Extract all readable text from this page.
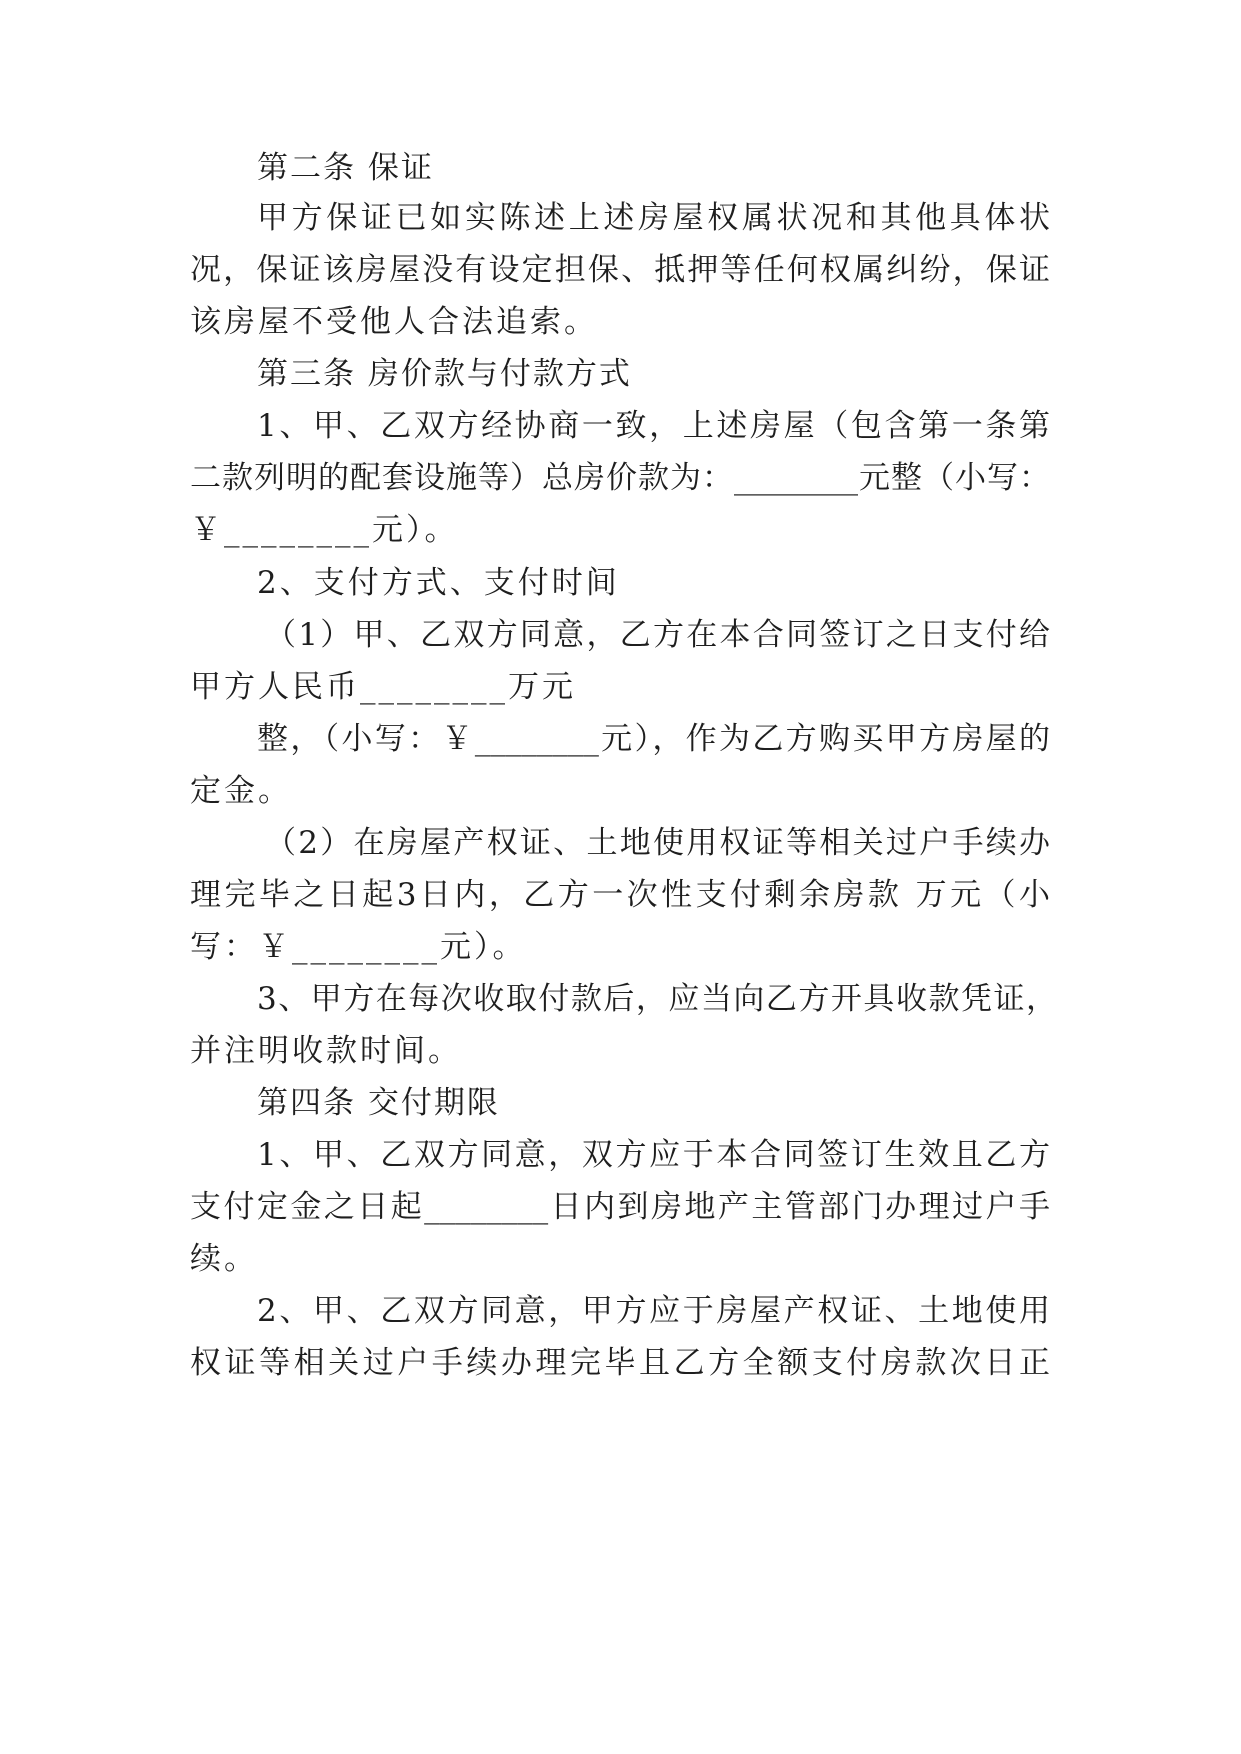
第二条 保证
甲方保证已如实陈述上述房屋权属状况和其他具体状
况，保证该房屋没有设定担保、抵押等任何权属纠纷，保证
该房屋不受他人合法追索。
第三条 房价款与付款方式
1、甲、乙双方经协商一致，上述房屋（包含第一条第
二款列明的配套设施等）总房价款为：________元整（小写：
￥________元）。
2、支付方式、支付时间
（1）甲、乙双方同意，乙方在本合同签订之日支付给
甲方人民币________万元
整，（小写：￥________元），作为乙方购买甲方房屋的
定金。
（2）在房屋产权证、土地使用权证等相关过户手续办
理完毕之日起3日内，乙方一次性支付剩余房款 万元（小
写：￥________元）。
3、甲方在每次收取付款后，应当向乙方开具收款凭证，
并注明收款时间。
第四条 交付期限
1、甲、乙双方同意，双方应于本合同签订生效且乙方
支付定金之日起________日内到房地产主管部门办理过户手
续。
2、甲、乙双方同意，甲方应于房屋产权证、土地使用
权证等相关过户手续办理完毕且乙方全额支付房款次日正
